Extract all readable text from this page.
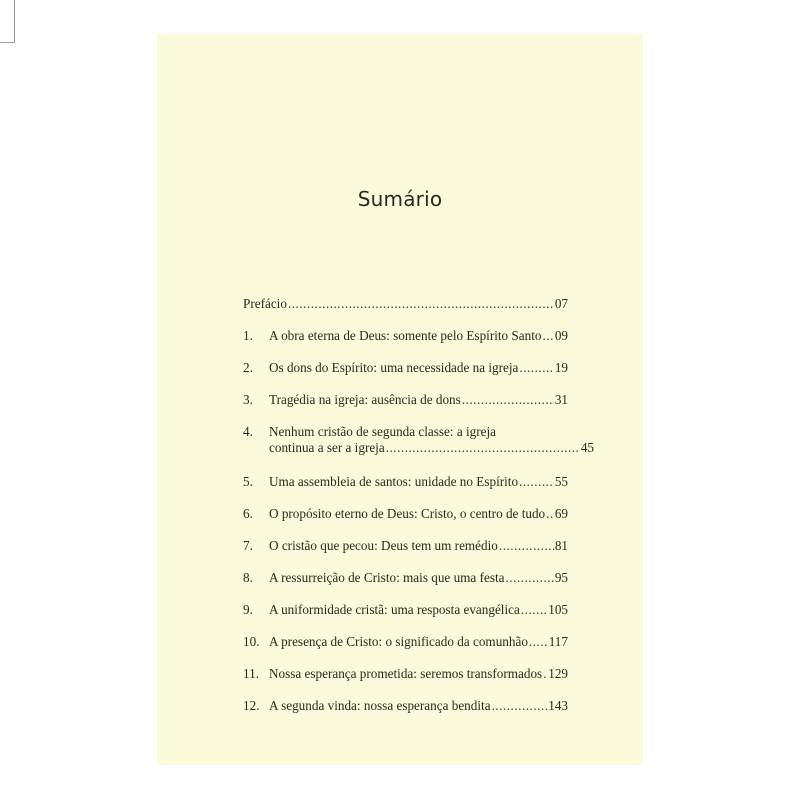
Sumário
Prefácio .....	07
1.	A obra eterna de Deus: somente pelo Espírito Santo ..... 09
2.	Os dons do Espírito: uma necessidade na igreja .....	19
3.	Tragédia na igreja: ausência de dons .....	31
4.	Nenhum cristão de segunda classe: a igreja
continua a ser a igreja .....	45
5.	Uma assembleia de santos: unidade no Espírito .....	55
6.	O propósito eterno de Deus: Cristo, o centro de tudo ..... 69
7.	O cristão que pecou: Deus tem um remédio .....	81
8.	A ressurreição de Cristo: mais que uma festa .....	95
9.	A uniformidade cristã: uma resposta evangélica ..... 105
10. A presença de Cristo: o significado da comunhão ..... 117
11. Nossa esperança prometida: seremos transformados ..... 129
12. A segunda vinda: nossa esperança bendita .....	143
